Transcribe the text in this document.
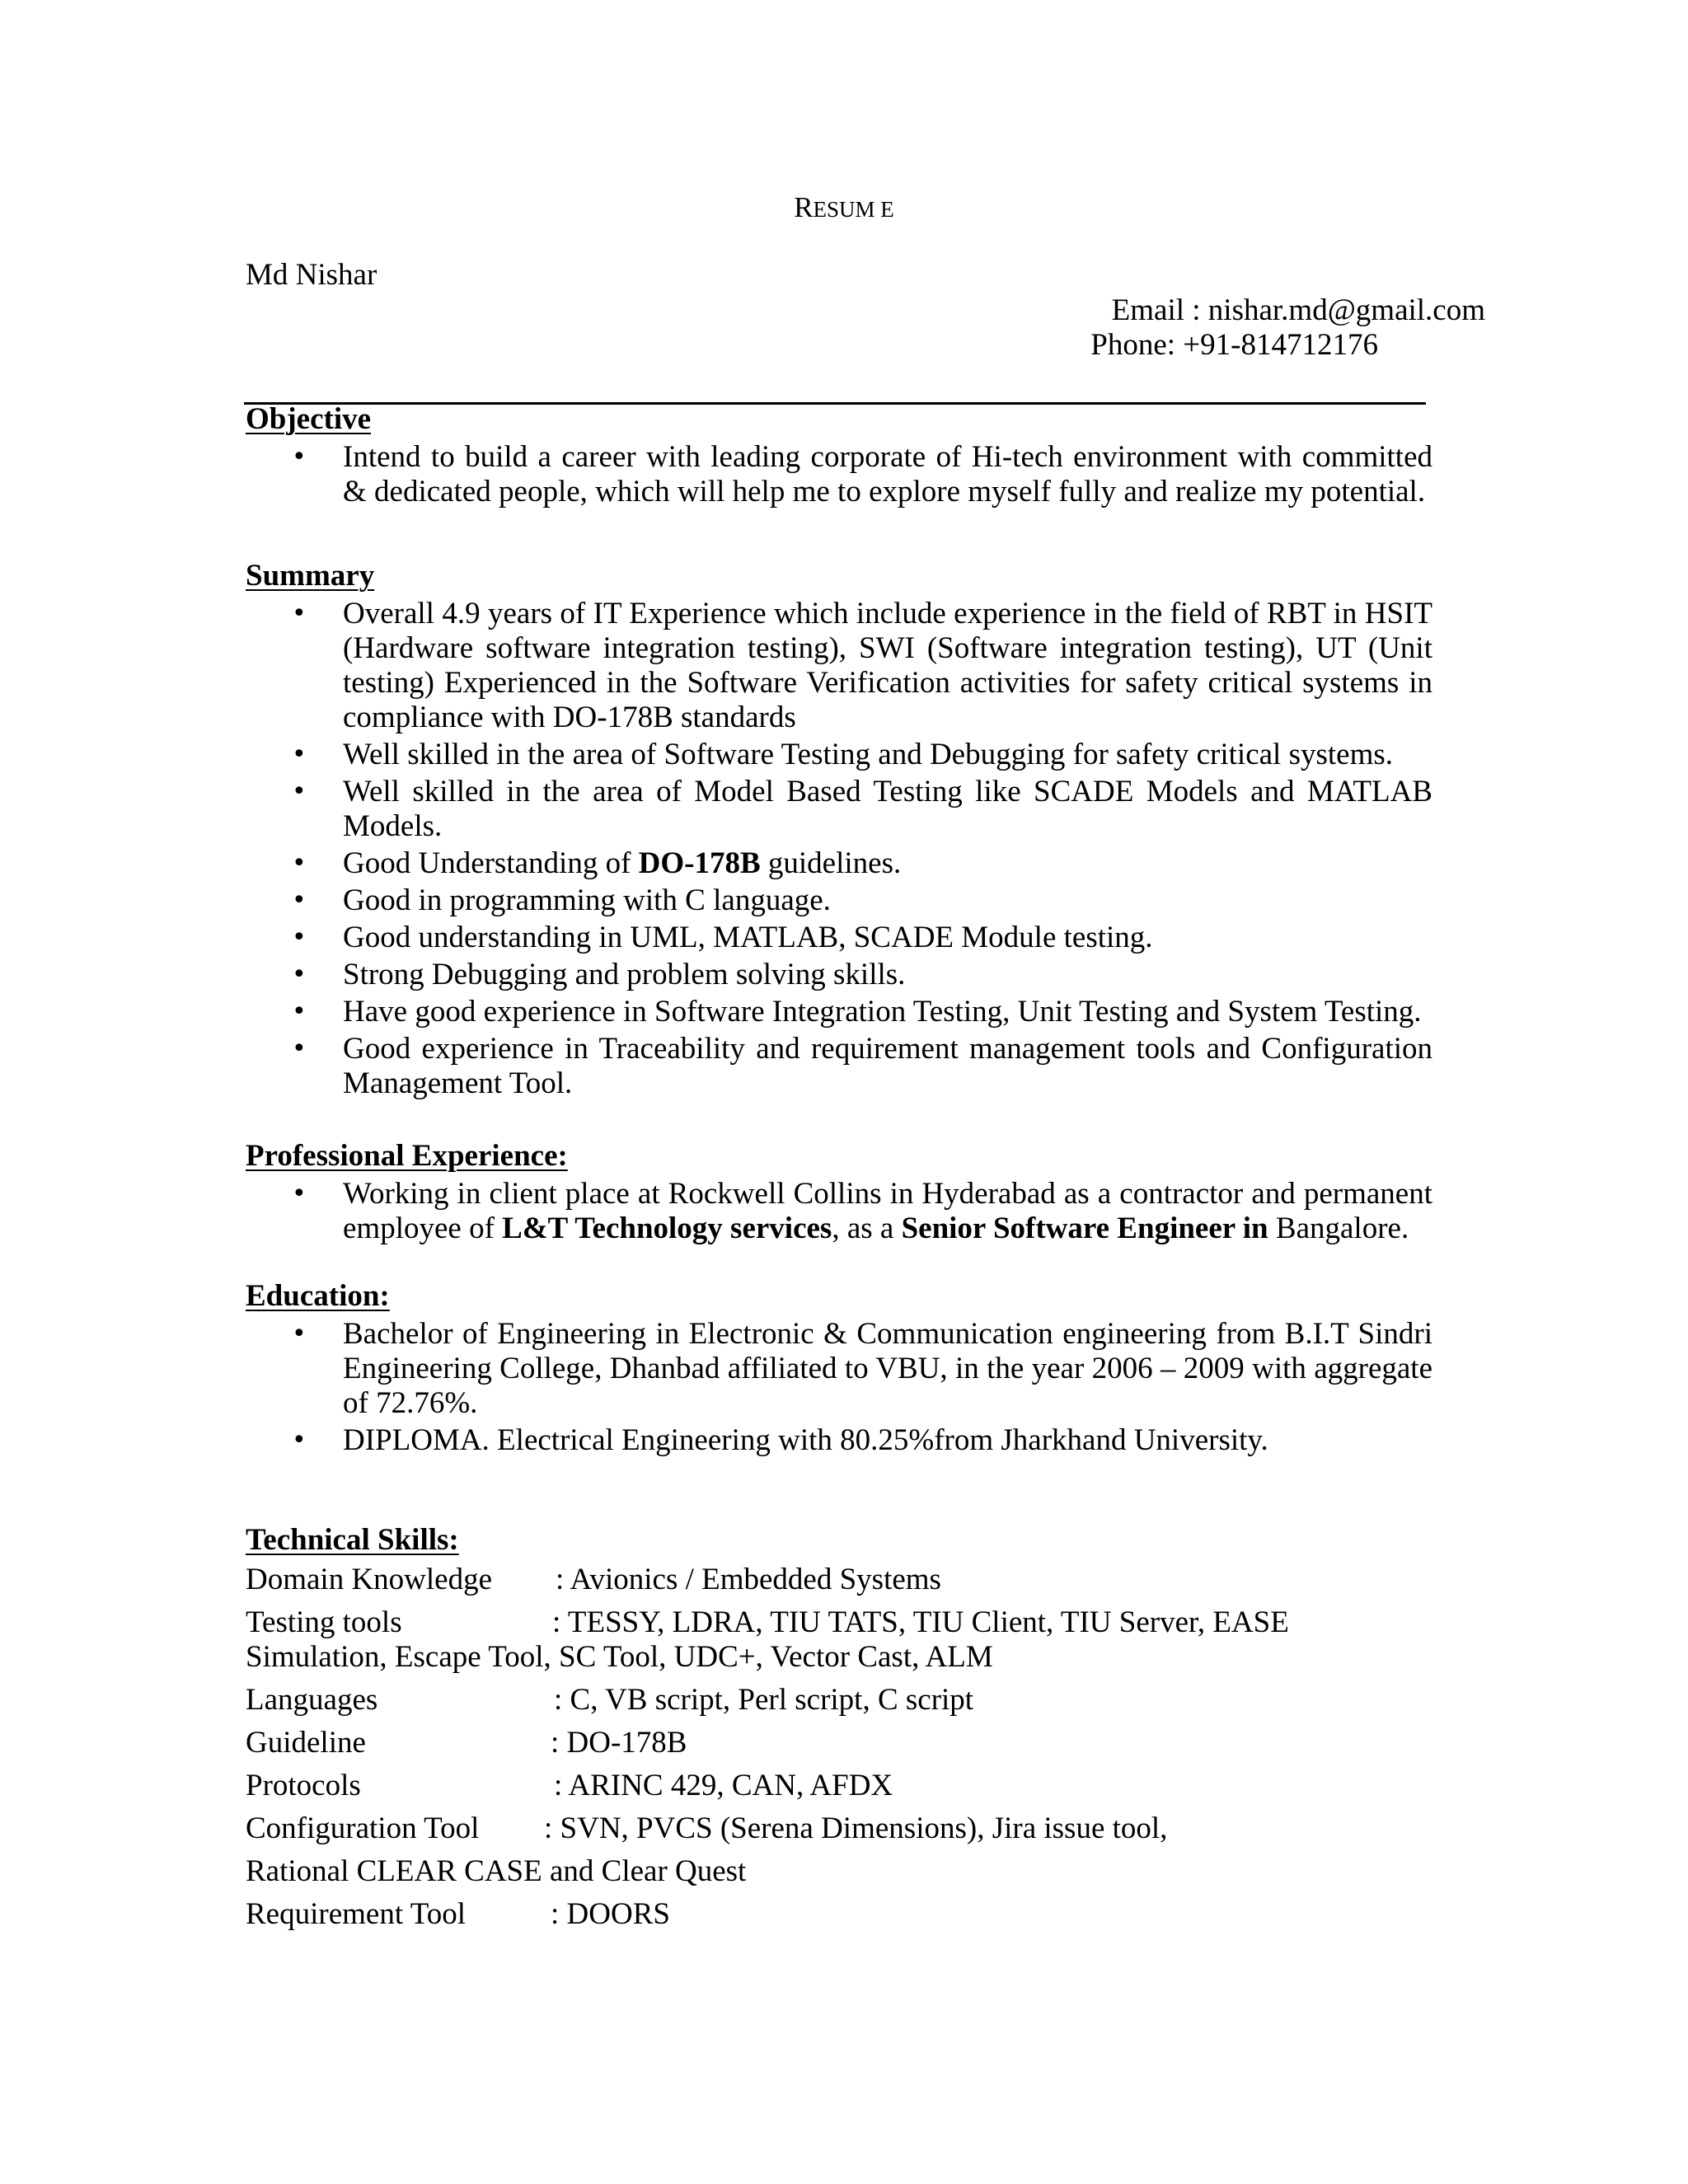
RESUM E
Md Nishar
Email : nishar.md@gmail.com
Phone: +91-814712176
Objective
• Intend to build a career with leading corporate of Hi-tech environment with committed & dedicated people, which will help me to explore myself fully and realize my potential.
Summary
• Overall 4.9 years of IT Experience which include experience in the field of RBT in HSIT (Hardware software integration testing), SWI (Software integration testing), UT (Unit testing) Experienced in the Software Verification activities for safety critical systems in compliance with DO-178B standards
• Well skilled in the area of Software Testing and Debugging for safety critical systems.
• Well skilled in the area of Model Based Testing like SCADE Models and MATLAB Models.
• Good Understanding of DO-178B guidelines.
• Good in programming with C language.
• Good understanding in UML, MATLAB, SCADE Module testing.
• Strong Debugging and problem solving skills.
• Have good experience in Software Integration Testing, Unit Testing and System Testing.
• Good experience in Traceability and requirement management tools and Configuration Management Tool.
Professional Experience:
• Working in client place at Rockwell Collins in Hyderabad as a contractor and permanent employee of L&T Technology services, as a Senior Software Engineer in Bangalore.
Education:
• Bachelor of Engineering in Electronic & Communication engineering from B.I.T Sindri Engineering College, Dhanbad affiliated to VBU, in the year 2006 – 2009 with aggregate of 72.76%.
• DIPLOMA. Electrical Engineering with 80.25%from Jharkhand University.
Technical Skills:
Domain Knowledge : Avionics / Embedded Systems
Testing tools	: TESSY, LDRA, TIU TATS, TIU Client, TIU Server, EASE
Simulation, Escape Tool, SC Tool, UDC+, Vector Cast, ALM
Languages	: C, VB script, Perl script, C script
Guideline	: DO-178B
Protocols	: ARINC 429, CAN, AFDX
Configuration Tool : SVN, PVCS (Serena Dimensions), Jira issue tool,
Rational CLEAR CASE and Clear Quest
Requirement Tool	: DOORS
